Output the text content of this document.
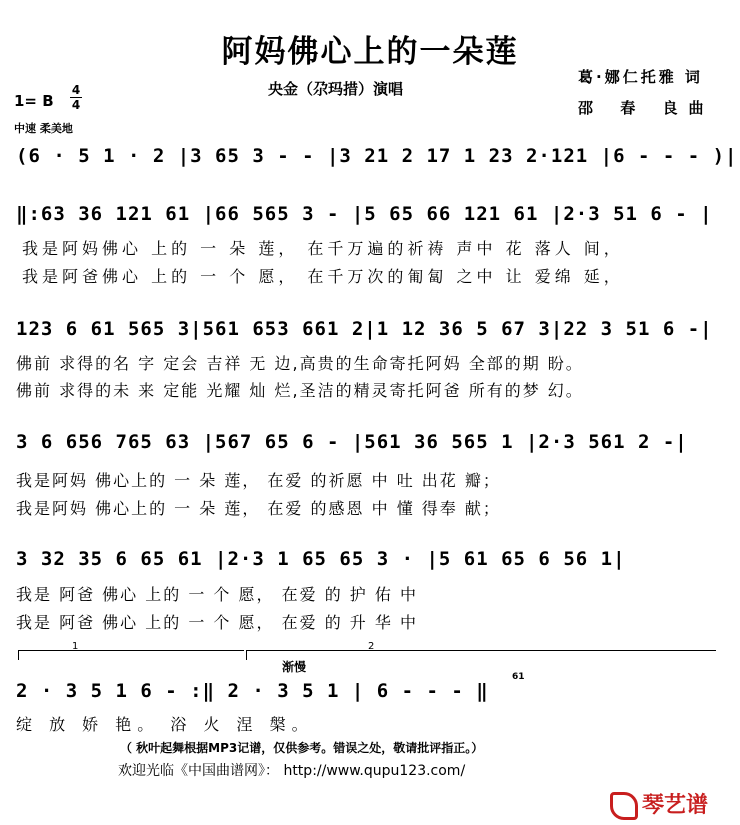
阿妈佛心上的一朵莲
央金（尕玛措）演唱
葛·娜仁托雅 词
邵 春 良曲
1= B
4
4
中速 柔美地
(6 · 5 1 · 2 |3 65 3 - - |3 21 2 17 1 23 2·121 |6 - - - )|
‖:63 36 121 61 |66 565 3 - |5 65 66 121 61 |2·3 51 6 - |
我是阿妈佛心 上的 一 朵 莲， 在千万遍的祈祷 声中 花 落人 间，
我是阿爸佛心 上的 一 个 愿， 在千万次的匍匐 之中 让 爱绵 延，
123 6 61 565 3|561 653 661 2|1 12 36 5 67 3|22 3 51 6 -|
佛前 求得的名 字 定会 吉祥 无 边,高贵的生命寄托阿妈 全部的期 盼。
佛前 求得的未 来 定能 光耀 灿 烂,圣洁的精灵寄托阿爸 所有的梦 幻。
3 6 656 765 63 |567 65 6 - |561 36 565 1 |2·3 561 2 -|
我是阿妈 佛心上的 一 朵 莲， 在爱 的祈愿 中 吐 出花 瓣；
我是阿妈 佛心上的 一 朵 莲， 在爱 的感恩 中 懂 得奉 献；
3 32 35 6 65 61 |2·3 1 65 65 3 · |5 61 65 6 56 1|
我是 阿爸 佛心 上的 一 个 愿， 在爱 的 护 佑 中
我是 阿爸 佛心 上的 一 个 愿， 在爱 的 升 华 中
1	2
渐慢
61
2 · 3 5 1 6 - :‖ 2 · 3 5 1 | 6 - - - ‖
绽 放 娇 艳。 浴 火 涅 槃。
（ 秋叶起舞根据MP3记谱，仅供参考。错误之处，敬请批评指正。）
欢迎光临《中国曲谱网》： http://www.qupu123.com/
琴艺谱
